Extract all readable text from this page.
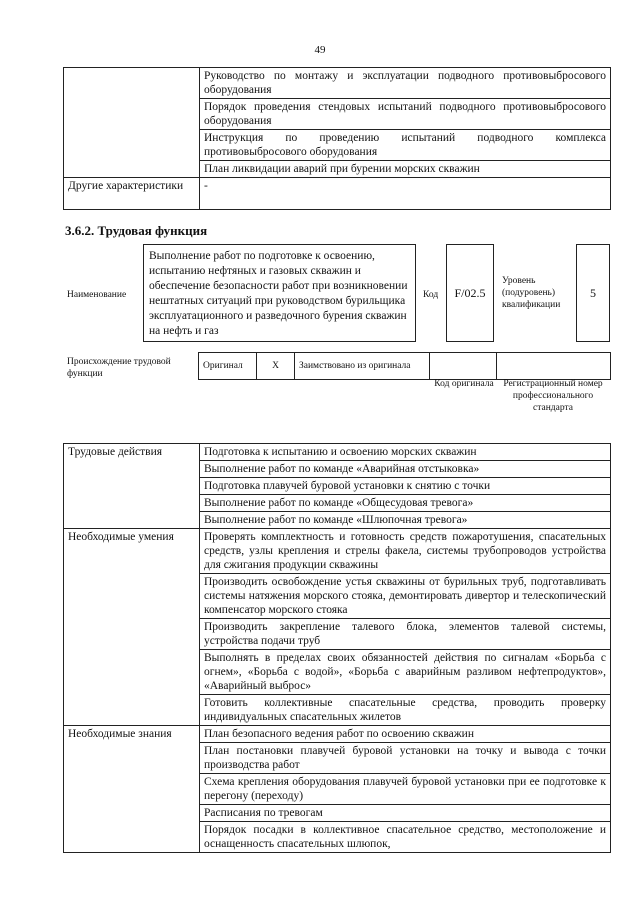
49
	Руководство по монтажу и эксплуатации подводного противовыбросового оборудования
	Порядок проведения стендовых испытаний подводного противовыбросового оборудования
	Инструкция по проведению испытаний подводного комплекса противовыбросового оборудования
	План ликвидации аварий при бурении морских скважин
Другие характеристики	-
3.6.2. Трудовая функция
Наименование
Выполнение работ по подготовке к освоению, испытанию нефтяных и газовых скважин и обеспечение безопасности работ при возникновении нештатных ситуаций при руководством бурильщика эксплуатационного и разведочного бурения скважин на нефть и газ
Код	F/02.5
Уровень (подуровень) квалификации
5
Происхождение трудовой функции
Оригинал	X	Заимствовано из оригинала		
Код оригинала	Регистрационный номер профессионального стандарта
Трудовые действия	Подготовка к испытанию и освоению морских скважин
	Выполнение работ по команде «Аварийная отстыковка»
	Подготовка плавучей буровой установки к снятию с точки
	Выполнение работ по команде «Общесудовая тревога»
	Выполнение работ по команде «Шлюпочная тревога»
Необходимые умения	Проверять комплектность и готовность средств пожаротушения, спасательных средств, узлы крепления и стрелы факела, системы трубопроводов устройства для сжигания продукции скважины
	Производить освобождение устья скважины от бурильных труб, подготавливать системы натяжения морского стояка, демонтировать дивертор и телескопический компенсатор морского стояка
	Производить закрепление талевого блока, элементов талевой системы, устройства подачи труб
	Выполнять в пределах своих обязанностей действия по сигналам «Борьба с огнем», «Борьба с водой», «Борьба с аварийным разливом нефтепродуктов», «Аварийный выброс»
	Готовить коллективные спасательные средства, проводить проверку индивидуальных спасательных жилетов
Необходимые знания	План безопасного ведения работ по освоению скважин
	План постановки плавучей буровой установки на точку и вывода с точки производства работ
	Схема крепления оборудования плавучей буровой установки при ее подготовке к перегону (переходу)
	Расписания по тревогам
	Порядок посадки в коллективное спасательное средство, местоположение и оснащенность спасательных шлюпок,
